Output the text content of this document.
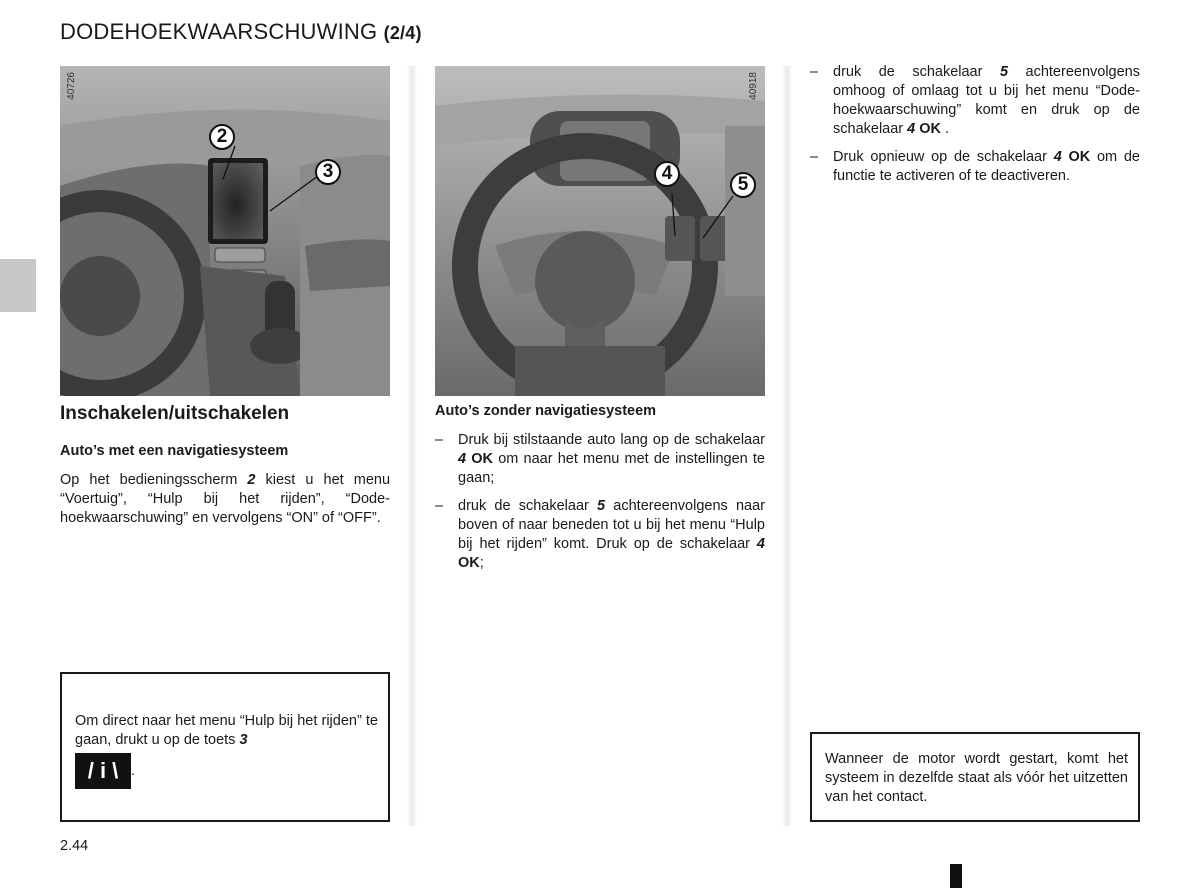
DODEHOEKWAARSCHUWING (2/4)
2
3
40726
4
5
40918
Inschakelen/uitschakelen
Auto’s met een navigatiesysteem
Op het bedieningsscherm 2 kiest u het menu “Voertuig”, “Hulp bij het rijden”, “Dode-hoekwaarschuwing” en vervolgens “ON” of “OFF”.
Om direct naar het menu “Hulp bij het rijden” te gaan, drukt u op de toets 3
/ i \ .
Auto’s zonder navigatiesysteem
– Druk bij stilstaande auto lang op de schakelaar 4 OK om naar het menu met de instellingen te gaan;
– druk de schakelaar 5 achtereenvolgens naar boven of naar beneden tot u bij het menu “Hulp bij het rijden” komt. Druk op de schakelaar 4 OK;
– druk de schakelaar 5 achtereenvolgens omhoog of omlaag tot u bij het menu “Dode-hoekwaarschuwing” komt en druk op de schakelaar 4 OK .
– Druk opnieuw op de schakelaar 4 OK om de functie te activeren of te deactiveren.
Wanneer de motor wordt gestart, komt het systeem in dezelfde staat als vóór het uitzetten van het contact.
2.44
